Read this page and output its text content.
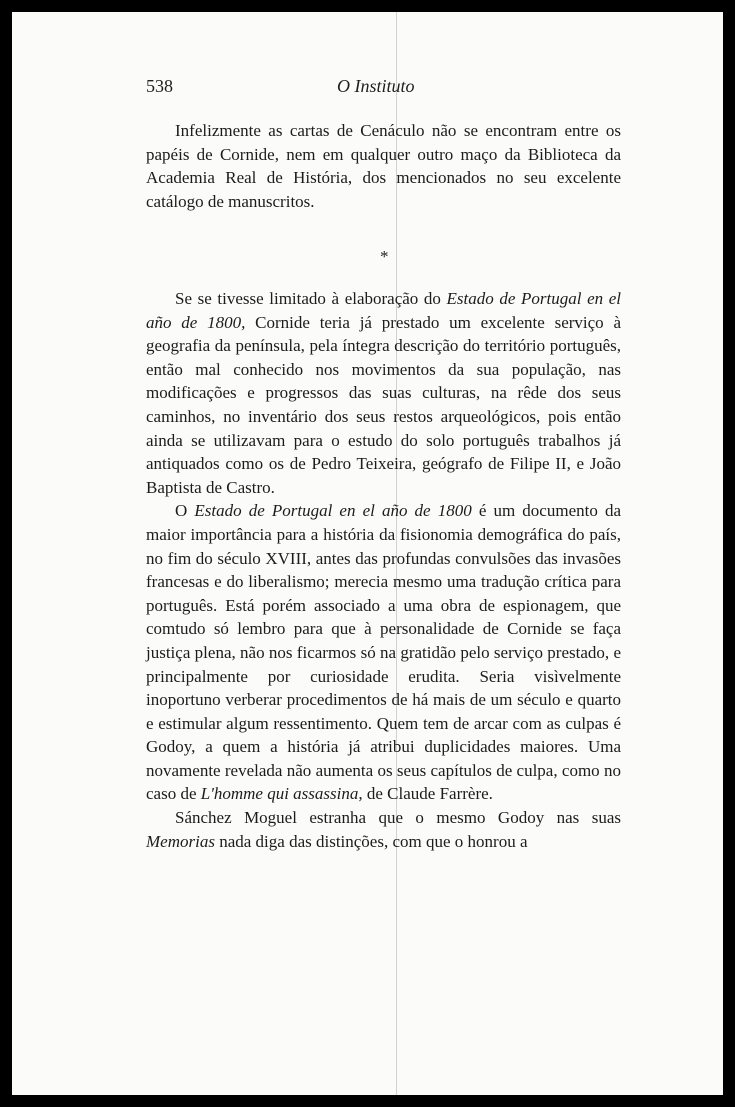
538	O Instituto

Infelizmente as cartas de Cenáculo não se encontram entre os papéis de Cornide, nem em qualquer outro maço da Biblioteca da Academia Real de História, dos mencionados no seu excelente catálogo de manuscritos.

*

Se se tivesse limitado à elaboração do Estado de Portugal en el año de 1800, Cornide teria já prestado um excelente serviço à geografia da península, pela íntegra descrição do território português, então mal conhecido nos movimentos da sua população, nas modificações e progressos das suas culturas, na rêde dos seus caminhos, no inventário dos seus restos arqueológicos, pois então ainda se utilizavam para o estudo do solo português trabalhos já antiquados como os de Pedro Teixeira, geógrafo de Filipe II, e João Baptista de Castro.

O Estado de Portugal en el año de 1800 é um documento da maior importância para a história da fisionomia demográfica do país, no fim do século XVIII, antes das profundas convulsões das invasões francesas e do liberalismo; merecia mesmo uma tradução crítica para português. Está porém associado a uma obra de espionagem, que comtudo só lembro para que à personalidade de Cornide se faça justiça plena, não nos ficarmos só na gratidão pelo serviço prestado, e principalmente por curiosidade erudita. Seria visìvelmente inoportuno verberar procedimentos de há mais de um século e quarto e estimular algum ressentimento. Quem tem de arcar com as culpas é Godoy, a quem a história já atribui duplicidades maiores. Uma novamente revelada não aumenta os seus capítulos de culpa, como no caso de L'homme qui assassina, de Claude Farrère.

Sánchez Moguel estranha que o mesmo Godoy nas suas Memorias nada diga das distinções, com que o honrou a
